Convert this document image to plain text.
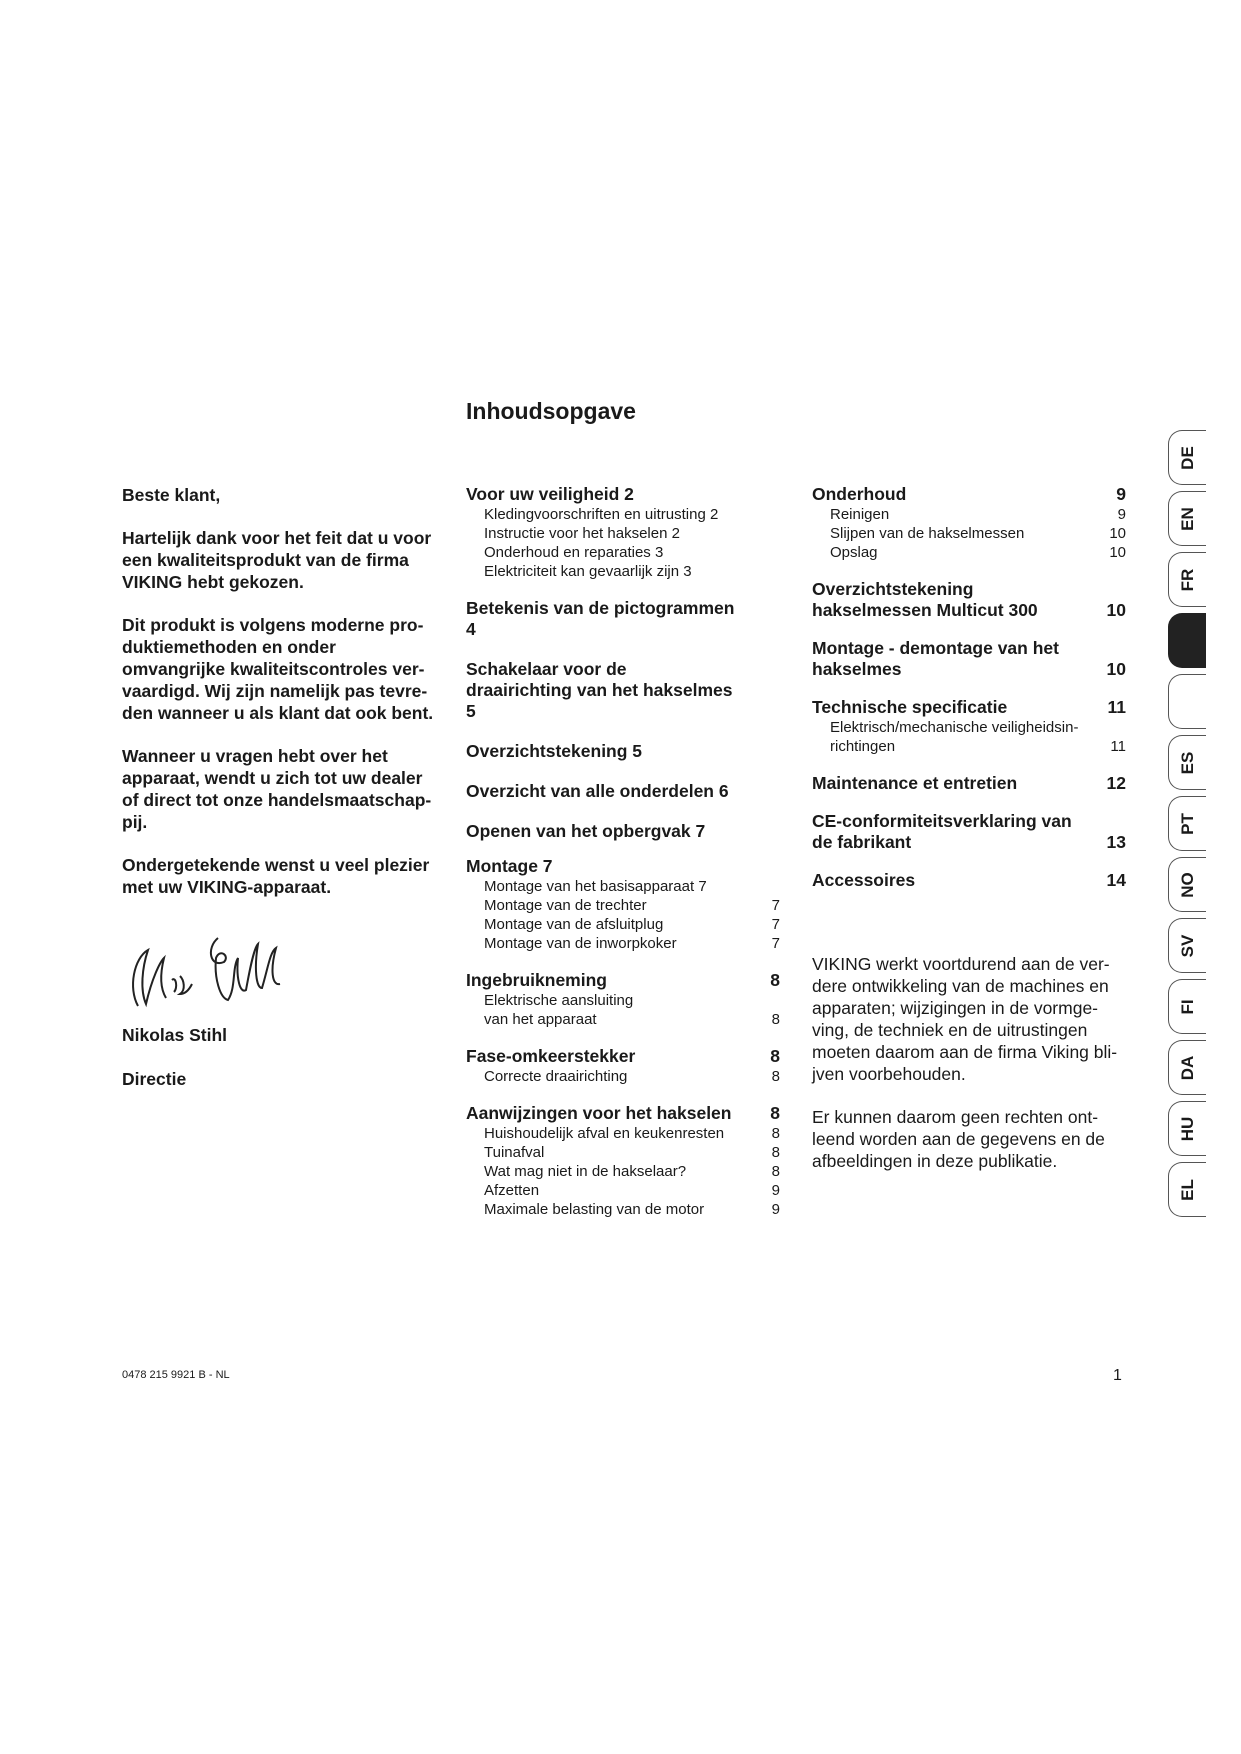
Inhoudsopgave

Beste klant,

Hartelijk dank voor het feit dat u voor een kwaliteitsprodukt van de firma VIKING hebt gekozen.

Dit produkt is volgens moderne pro-duktiemethoden en onder omvangrijke kwaliteitscontroles ver-vaardigd. Wij zijn namelijk pas tevre-den wanneer u als klant dat ook bent.

Wanneer u vragen hebt over het apparaat, wendt u zich tot uw dealer of direct tot onze handelsmaatschap-pij.

Ondergetekende wenst u veel plezier met uw VIKING-apparaat.

Nikolas Stihl

Directie

Voor uw veiligheid 2
Kledingvoorschriften en uitrusting 2
Instructie voor het hakselen 2
Onderhoud en reparaties 3
Elektriciteit kan gevaarlijk zijn 3
Betekenis van de pictogrammen 4
Schakelaar voor de draairichting van het hakselmes 5
Overzichtstekening 5
Overzicht van alle onderdelen 6
Openen van het opbergvak 7
Montage 7
Montage van het basisapparaat 7
Montage van de trechter	7
Montage van de afsluitplug	7
Montage van de inworpkoker	7
Ingebruikneming	8
Elektrische aansluiting
van het apparaat	8
Fase-omkeerstekker	8
Correcte draairichting	8
Aanwijzingen voor het hakselen 8
Huishoudelijk afval en keukenresten	8
Tuinafval	8
Wat mag niet in de hakselaar?	8
Afzetten	9
Maximale belasting van de motor	9
Onderhoud	9
Reinigen	9
Slijpen van de hakselmessen	10
Opslag	10
Overzichtstekening hakselmessen Multicut 300	10
Montage - demontage van het hakselmes	10
Technische specificatie	11
Elektrisch/mechanische veiligheidsin-
richtingen	11
Maintenance et entretien	12
CE-conformiteitsverklaring van de fabrikant	13
Accessoires	14

VIKING werkt voortdurend aan de ver-dere ontwikkeling van de machines en apparaten; wijzigingen in de vormge-ving, de techniek en de uitrustingen moeten daarom aan de firma Viking bli-jven voorbehouden.

Er kunnen daarom geen rechten ont-leend worden aan de gegevens en de afbeeldingen in deze publikatie.

0478 215 9921 B - NL	1
DE
EN
FR
ES
PT
NO
SV
FI
DA
HU
EL
